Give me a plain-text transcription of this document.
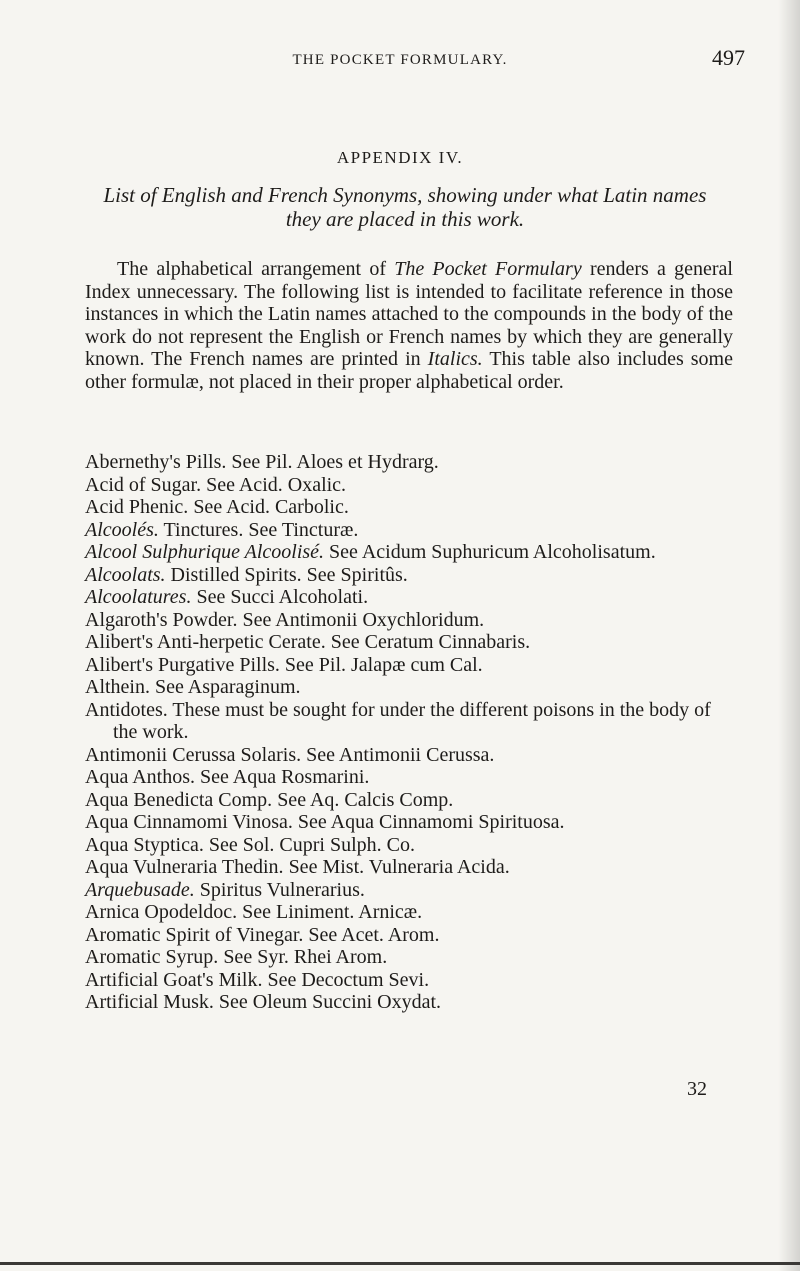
THE POCKET FORMULARY.	497
APPENDIX IV.
List of English and French Synonyms, showing under what Latin names they are placed in this work.

The alphabetical arrangement of The Pocket Formulary renders a general Index unnecessary. The following list is intended to facilitate reference in those instances in which the Latin names attached to the compounds in the body of the work do not represent the English or French names by which they are generally known. The French names are printed in Italics. This table also includes some other formulæ, not placed in their proper alphabetical order.

Abernethy's Pills. See Pil. Aloes et Hydrarg.
Acid of Sugar. See Acid. Oxalic.
Acid Phenic. See Acid. Carbolic.
Alcoolés. Tinctures. See Tincturæ.
Alcool Sulphurique Alcoolisé. See Acidum Suphuricum Alcoholisatum.
Alcoolats. Distilled Spirits. See Spiritûs.
Alcoolatures. See Succi Alcoholati.
Algaroth's Powder. See Antimonii Oxychloridum.
Alibert's Anti-herpetic Cerate. See Ceratum Cinnabaris.
Alibert's Purgative Pills. See Pil. Jalapæ cum Cal.
Althein. See Asparaginum.
Antidotes. These must be sought for under the different poisons in the body of the work.
Antimonii Cerussa Solaris. See Antimonii Cerussa.
Aqua Anthos. See Aqua Rosmarini.
Aqua Benedicta Comp. See Aq. Calcis Comp.
Aqua Cinnamomi Vinosa. See Aqua Cinnamomi Spirituosa.
Aqua Styptica. See Sol. Cupri Sulph. Co.
Aqua Vulneraria Thedin. See Mist. Vulneraria Acida.
Arquebusade. Spiritus Vulnerarius.
Arnica Opodeldoc. See Liniment. Arnicæ.
Aromatic Spirit of Vinegar. See Acet. Arom.
Aromatic Syrup. See Syr. Rhei Arom.
Artificial Goat's Milk. See Decoctum Sevi.
Artificial Musk. See Oleum Succini Oxydat.
32
